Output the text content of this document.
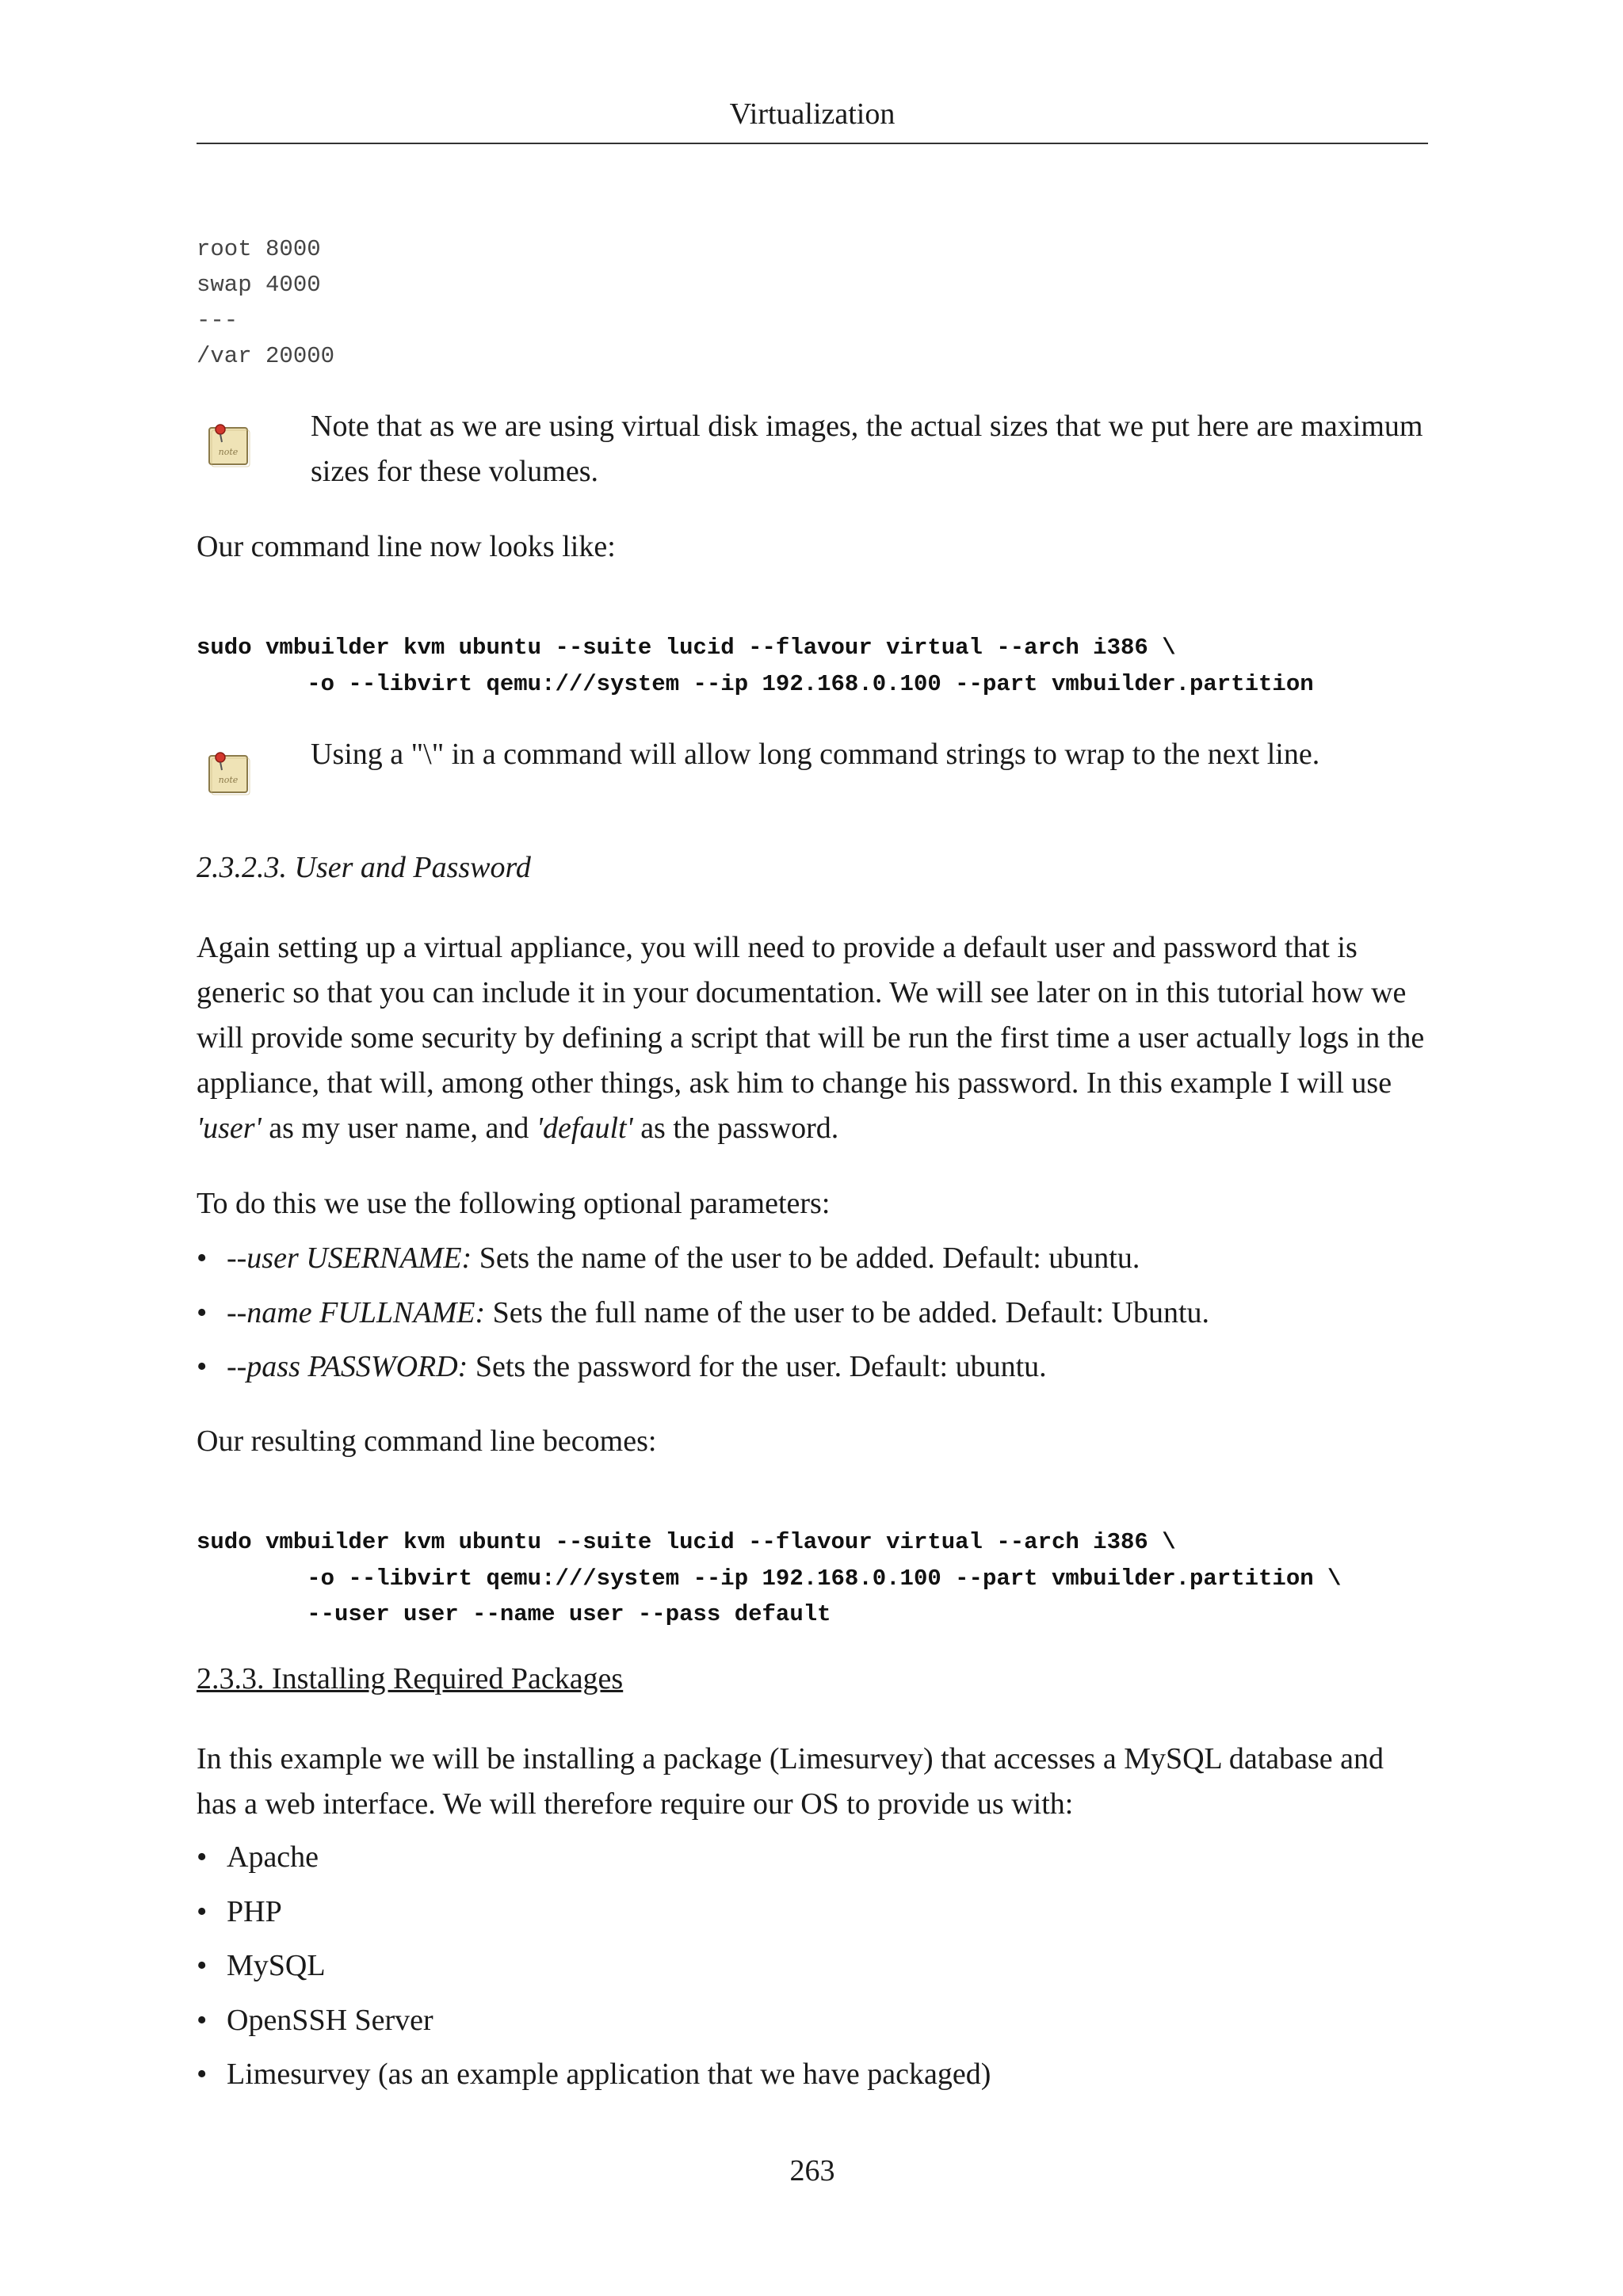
Virtualization
root 8000
swap 4000
---
/var 20000
note
Note that as we are using virtual disk images, the actual sizes that we put here are maximum sizes for these volumes.
Our command line now looks like:
sudo vmbuilder kvm ubuntu --suite lucid --flavour virtual --arch i386 \
-o --libvirt qemu:///system --ip 192.168.0.100 --part vmbuilder.partition
note
Using a "\" in a command will allow long command strings to wrap to the next line.
2.3.2.3. User and Password
Again setting up a virtual appliance, you will need to provide a default user and password that is generic so that you can include it in your documentation. We will see later on in this tutorial how we will provide some security by defining a script that will be run the first time a user actually logs in the appliance, that will, among other things, ask him to change his password. In this example I will use 'user' as my user name, and 'default' as the password.
To do this we use the following optional parameters:
• --user USERNAME: Sets the name of the user to be added. Default: ubuntu.
• --name FULLNAME: Sets the full name of the user to be added. Default: Ubuntu.
• --pass PASSWORD: Sets the password for the user. Default: ubuntu.
Our resulting command line becomes:
sudo vmbuilder kvm ubuntu --suite lucid --flavour virtual --arch i386 \
-o --libvirt qemu:///system --ip 192.168.0.100 --part vmbuilder.partition \
--user user --name user --pass default
2.3.3. Installing Required Packages
In this example we will be installing a package (Limesurvey) that accesses a MySQL database and has a web interface. We will therefore require our OS to provide us with:
• Apache
• PHP
• MySQL
• OpenSSH Server
• Limesurvey (as an example application that we have packaged)
263
